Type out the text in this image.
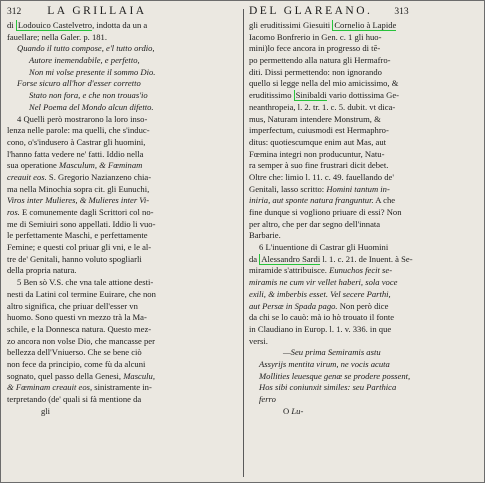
312 LA GRILLAIA
di Lodouico Castelvetro, indotta da un a
fauellare; nella Galer. p. 181.
Quando il tutto compose, e'l tutto ordio,
Autore inemendabile, e perfetto,
Non mi volse presente il sommo Dio.
Forse sicuro all'hor d'esser corretto
Stato non fora, e che non trouas'io
Nel Poema del Mondo alcun difetto.
4 Quelli però mostrarono la loro inso-
lenza nelle parole: ma quelli, che s'induc-
cono, o's'indusero à Castrar gli huomini,
l'hanno fatta vedere ne' fatti. Iddio nella
sua operatione Masculum, & Fœminam
creauit eos. S. Gregorio Nazianzeno chia-
ma nella Minochia sopra cit. gli Eunuchi,
Viros inter Mulieres, & Mulieres inter Vi-
ros. E comunemente dagli Scrittori col no-
me di Semiuiri sono appellati. Iddio li vuo-
le perfettamente Maschi, e perfettamente
Femine; e questi col priuar gli vni, e le al-
tre de' Genitali, hanno voluto spogliarli
della propria natura.
5 Ben sò V.S. che vna tale attione desti-
nesti da Latini col termine Euirare, che non
altro significa, che priuar dell'esser vn
huomo. Sono questi vn mezzo trà la Ma-
schile, e la Donnesca natura. Questo mez-
zo ancora non volse Dio, che mancasse per
bellezza dell'Vniuerso. Che se bene ciò
non fece da principio, come fù da alcuni
sognato, quel passo della Genesi, Masculu,
& Fœminam creauit eos, sinistramente in-
terpretando (de' quali si fà mentione da
gli
DEL GLAREANO. 313
gli eruditissimi Giesuiti Cornelio à Lapide
Iacomo Bonfrerio in Gen. c. 1 gli huo-
mini)lo fece ancora in progresso di tē-
po permettendo alla natura gli Hermafro-
diti. Dissi permettendo: non ignorando
quello si legge nella del mio amicissimo, &
eruditissimo Sinibaldi vario dottissima Ge-
neanthropeia, l. 2. tr. 1. c. 5. dubit. vt dica-
mus, Naturam intendere Monstrum, &
imperfectum, cuiusmodi est Hermaphro-
ditus: quotiescumque enim aut Mas, aut
Fœmina integri non producuntur, Natu-
ra semper à suo fine frustrari dicit debet.
Oltre che: limio l. 11. c. 49. fauellando de'
Genitali, lasso scritto: Homini tantum in-
iniria, aut sponte natura franguntur. A che
fine dunque si vogliono priuare di essi? Non
per altro, che per dar segno dell'innata
Barbarie.
6 L'inuentione di Castrar gli Huomini
da Alessandro Sardi l. 1. c. 21. de Inuent. à Se-
miramide s'attribuisce. Eunuchos fecit se-
miramis ne cum vir vellet haberi, sola voce
exili, & imberbis esset. Vel secere Parthi,
aut Persæ in Spada pago. Non però dice
da chi se lo cauò: mà io hò trouato il fonte
in Claudiano in Europ. l. 1. v. 336. in que
versi.
—Seu prima Semiramis astu
Assyrijs mentita virum, ne vocis acuta
Mollities leuesque genæ se prodere possent,
Hos sibi coniunxit similes: seu Parthica
ferro
O Lu-
